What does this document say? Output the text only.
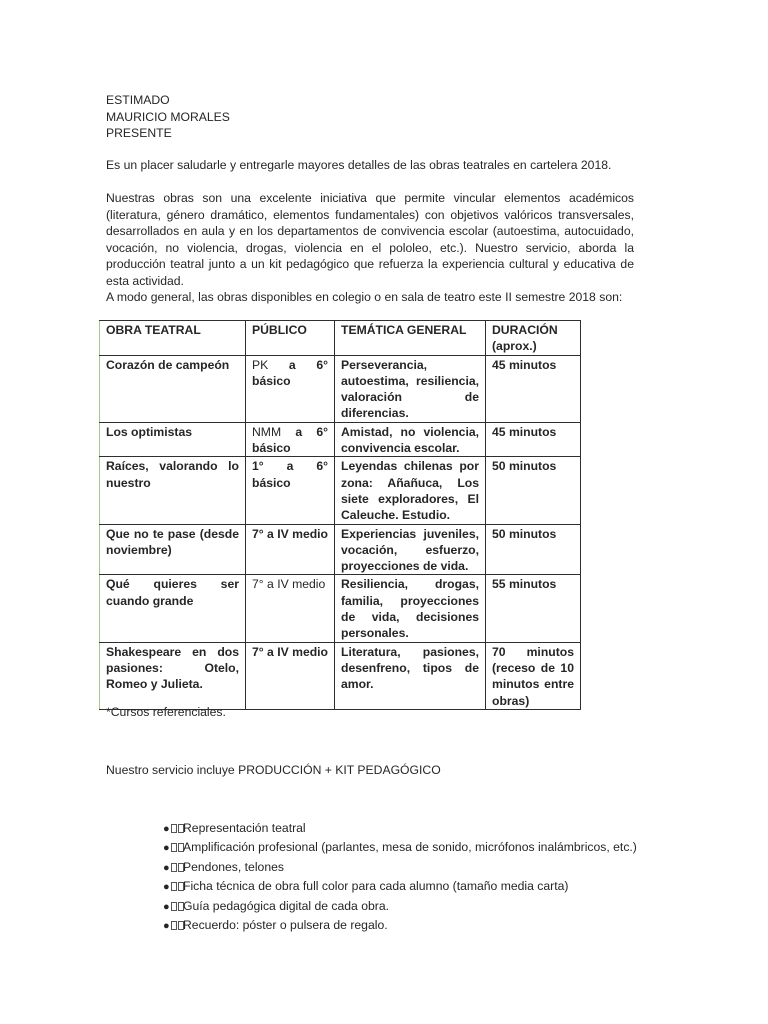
ESTIMADO
MAURICIO MORALES
PRESENTE

Es un placer saludarle y entregarle mayores detalles de las obras teatrales en cartelera 2018.

Nuestras obras son una excelente iniciativa que permite vincular elementos académicos (literatura, género dramático, elementos fundamentales) con objetivos valóricos transversales, desarrollados en aula y en los departamentos de convivencia escolar (autoestima, autocuidado, vocación, no violencia, drogas, violencia en el pololeo, etc.). Nuestro servicio, aborda la producción teatral junto a un kit pedagógico que refuerza la experiencia cultural y educativa de esta actividad.

A modo general, las obras disponibles en colegio o en sala de teatro este II semestre 2018 son:

OBRA TEATRAL	PÚBLICO	TEMÁTICA GENERAL	DURACIÓN (aprox.)
Corazón de campeón	PK a 6° básico	Perseverancia, autoestima, resiliencia, valoración de diferencias.	45 minutos
Los optimistas	NMM a 6° básico	Amistad, no violencia, convivencia escolar.	45 minutos
Raíces, valorando lo nuestro	1° a 6° básico	Leyendas chilenas por zona: Añañuca, Los siete exploradores, El Caleuche. Estudio.	50 minutos
Que no te pase (desde noviembre)	7° a IV medio	Experiencias juveniles, vocación, esfuerzo, proyecciones de vida.	50 minutos
Qué quieres ser cuando grande	7° a IV medio	Resiliencia, drogas, familia, proyecciones de vida, decisiones personales.	55 minutos
Shakespeare en dos pasiones: Otelo, Romeo y Julieta.	7° a IV medio	Literatura, pasiones, desenfreno, tipos de amor.	70 minutos (receso de 10 minutos entre obras)
*Cursos referenciales.
Nuestro servicio incluye PRODUCCIÓN + KIT PEDAGÓGICO
● Representación teatral
● Amplificación profesional (parlantes, mesa de sonido, micrófonos inalámbricos, etc.)
● Pendones, telones
● Ficha técnica de obra full color para cada alumno (tamaño media carta)
● Guía pedagógica digital de cada obra.
● Recuerdo: póster o pulsera de regalo.
